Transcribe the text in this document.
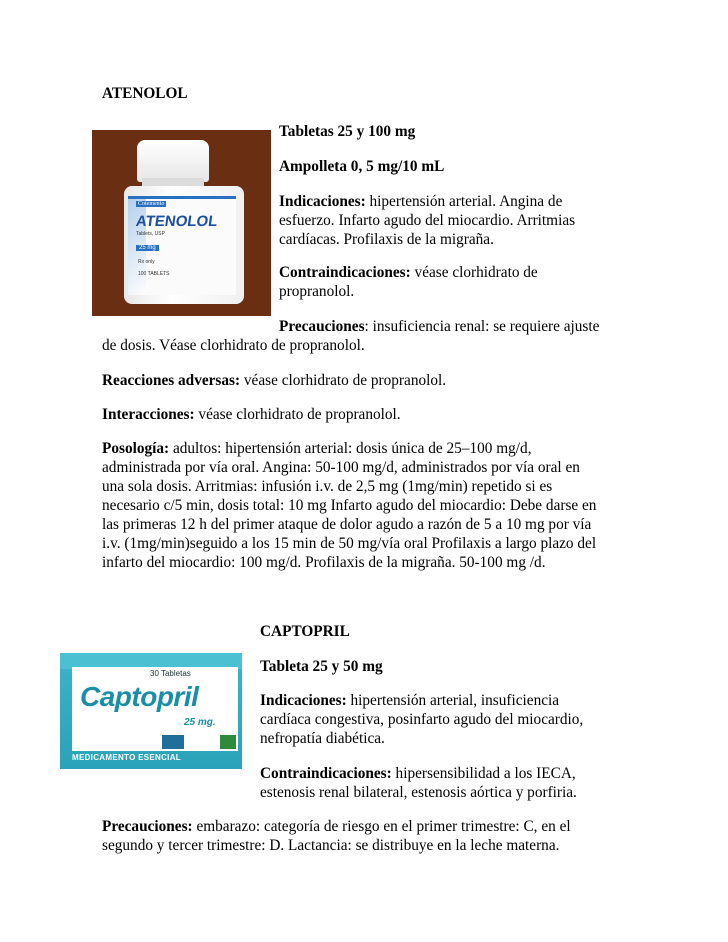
ATENOLOL
Cotemento
ATENOLOL
Tablets, USP
25 mg
Rx only
100 TABLETS
Tabletas 25 y 100 mg
Ampolleta 0, 5 mg/10 mL
Indicaciones: hipertensión arterial. Angina de
esfuerzo. Infarto agudo del miocardio. Arritmias
cardíacas. Profilaxis de la migraña.
Contraindicaciones: véase clorhidrato de
propranolol.
Precauciones: insuficiencia renal: se requiere ajuste
de dosis. Véase clorhidrato de propranolol.
Reacciones adversas: véase clorhidrato de propranolol.
Interacciones: véase clorhidrato de propranolol.
Posología: adultos: hipertensión arterial: dosis única de 25–100 mg/d,
administrada por vía oral. Angina: 50-100 mg/d, administrados por vía oral en
una sola dosis. Arritmias: infusión i.v. de 2,5 mg (1mg/min) repetido si es
necesario c/5 min, dosis total: 10 mg Infarto agudo del miocardio: Debe darse en
las primeras 12 h del primer ataque de dolor agudo a razón de 5 a 10 mg por vía
i.v. (1mg/min)seguido a los 15 min de 50 mg/vía oral Profilaxis a largo plazo del
infarto del miocardio: 100 mg/d. Profilaxis de la migraña. 50-100 mg /d.
CAPTOPRIL
30 Tabletas
Captopril
25 mg.
MEDICAMENTO ESENCIAL
Tableta 25 y 50 mg
Indicaciones: hipertensión arterial, insuficiencia
cardíaca congestiva, posinfarto agudo del miocardio,
nefropatía diabética.
Contraindicaciones: hipersensibilidad a los IECA,
estenosis renal bilateral, estenosis aórtica y porfiria.
Precauciones: embarazo: categoría de riesgo en el primer trimestre: C, en el
segundo y tercer trimestre: D. Lactancia: se distribuye en la leche materna.
